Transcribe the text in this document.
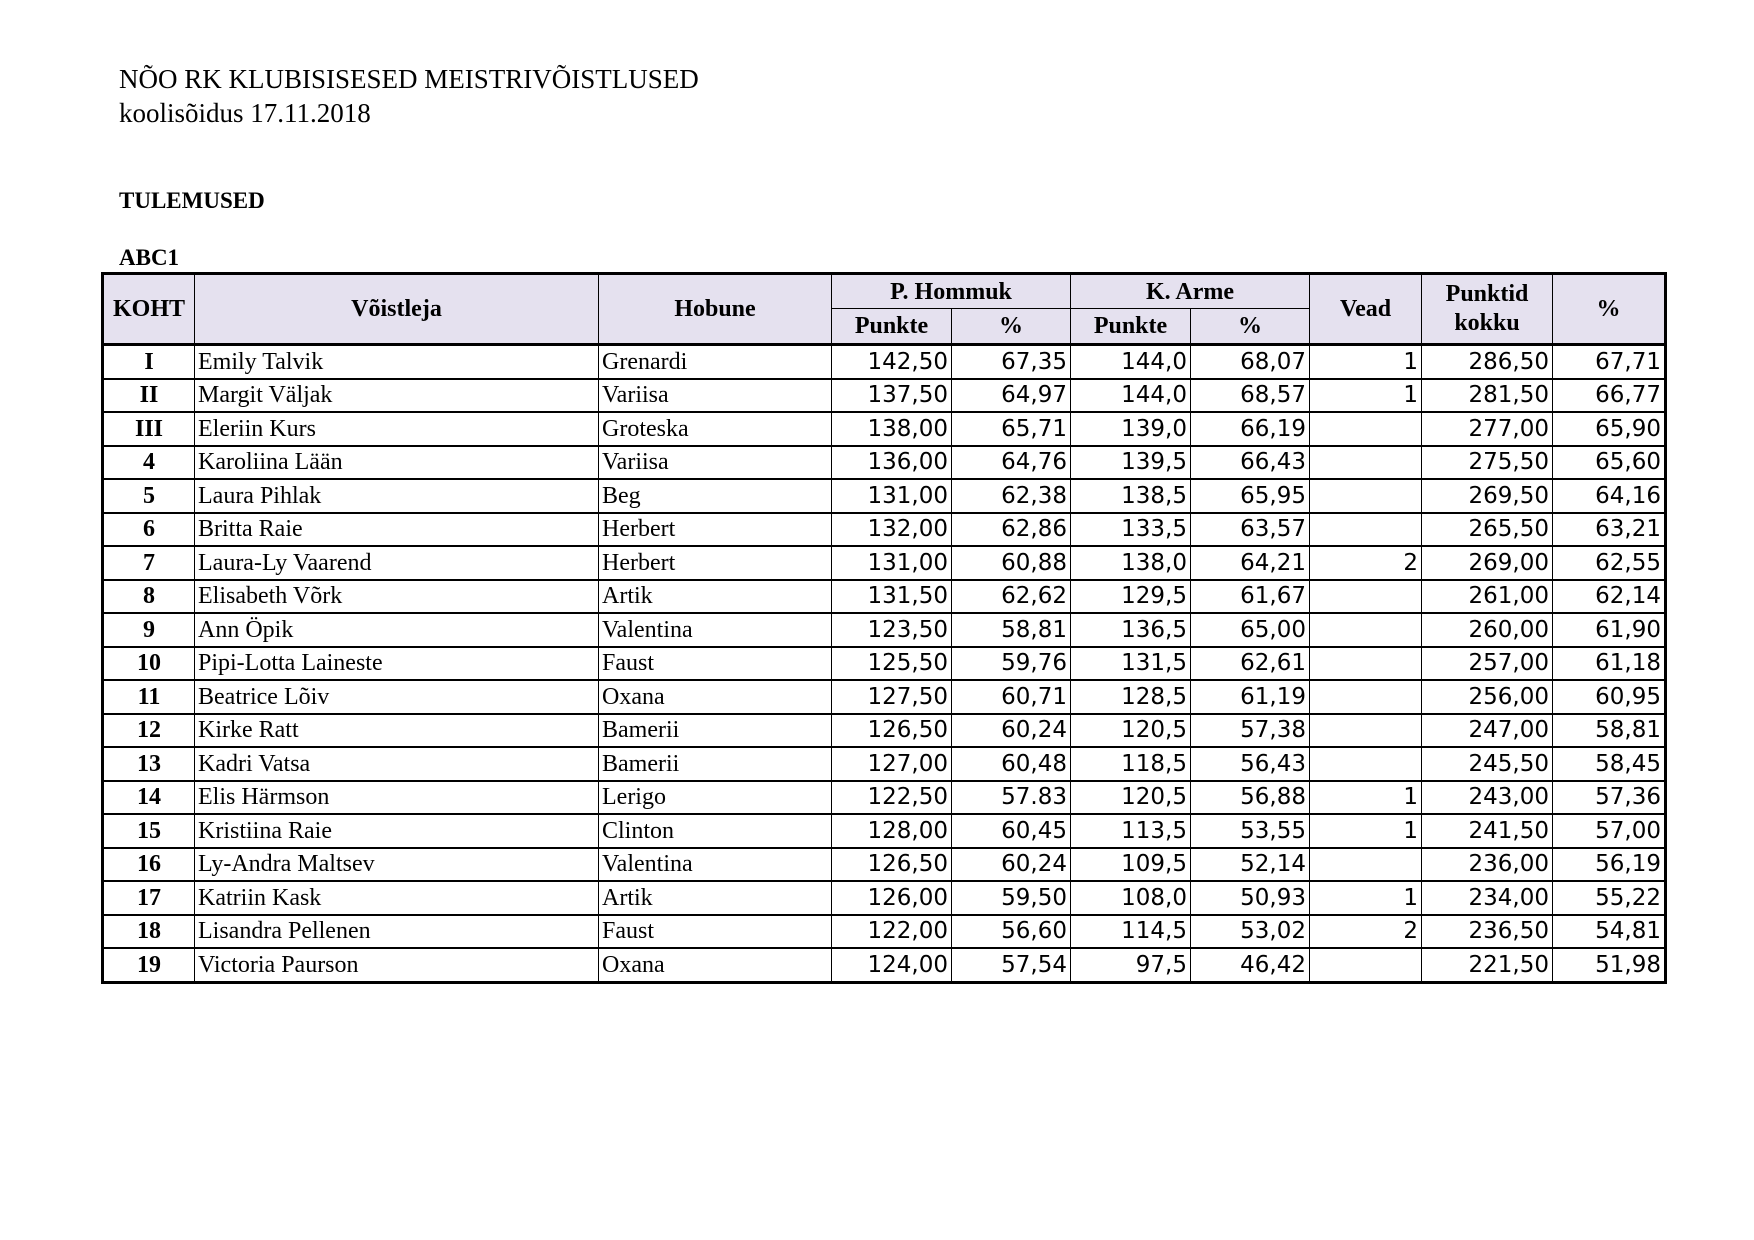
NÕO RK KLUBISISESED MEISTRIVÕISTLUSED
koolisõidus 17.11.2018
TULEMUSED
ABC1
KOHT	Võistleja	Hobune	P. Hommuk		K. Arme		Vead	Punktid kokku	%
			Punkte	%	Punkte	%			
I	Emily Talvik	Grenardi	142,50	67,35	144,0	68,07	1	286,50	67,71
II	Margit Väljak	Variisa	137,50	64,97	144,0	68,57	1	281,50	66,77
III	Eleriin Kurs	Groteska	138,00	65,71	139,0	66,19		277,00	65,90
4	Karoliina Lään	Variisa	136,00	64,76	139,5	66,43		275,50	65,60
5	Laura Pihlak	Beg	131,00	62,38	138,5	65,95		269,50	64,16
6	Britta Raie	Herbert	132,00	62,86	133,5	63,57		265,50	63,21
7	Laura-Ly Vaarend	Herbert	131,00	60,88	138,0	64,21	2	269,00	62,55
8	Elisabeth Võrk	Artik	131,50	62,62	129,5	61,67		261,00	62,14
9	Ann Öpik	Valentina	123,50	58,81	136,5	65,00		260,00	61,90
10	Pipi-Lotta Laineste	Faust	125,50	59,76	131,5	62,61		257,00	61,18
11	Beatrice Lõiv	Oxana	127,50	60,71	128,5	61,19		256,00	60,95
12	Kirke Ratt	Bamerii	126,50	60,24	120,5	57,38		247,00	58,81
13	Kadri Vatsa	Bamerii	127,00	60,48	118,5	56,43		245,50	58,45
14	Elis Härmson	Lerigo	122,50	57.83	120,5	56,88	1	243,00	57,36
15	Kristiina Raie	Clinton	128,00	60,45	113,5	53,55	1	241,50	57,00
16	Ly-Andra Maltsev	Valentina	126,50	60,24	109,5	52,14		236,00	56,19
17	Katriin Kask	Artik	126,00	59,50	108,0	50,93	1	234,00	55,22
18	Lisandra Pellenen	Faust	122,00	56,60	114,5	53,02	2	236,50	54,81
19	Victoria Paurson	Oxana	124,00	57,54	97,5	46,42		221,50	51,98
